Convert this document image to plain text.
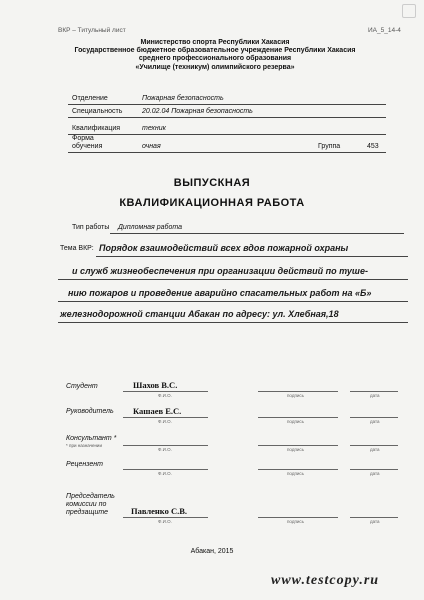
ВКР – Титульный лист	ИА_5_14-4
Министерство спорта Республики Хакасия
Государственное бюджетное образовательное учреждение Республики Хакасия
среднего профессионального образования
«Училище (техникум) олимпийского резерва»
Отделение	Пожарная безопасность
Специальность	20.02.04 Пожарная безопасность
Квалификация	техник
Форма
обучения	очная	Группа	453
ВЫПУСКНАЯ
КВАЛИФИКАЦИОННАЯ РАБОТА
Тип работы Дипломная работа
Тема ВКР: Порядок взаимодействий всех вдов пожарной охраны
и служб жизнеобеспечения при организации действий по туше-
нию пожаров и проведение аварийно спасательных работ на «Б»
железнодорожной станции Абакан по адресу: ул. Хлебная,18
Студент	Шахов В.С.
Ф.И.О.	подпись	дата
Руководитель Кашаев Е.С.
Ф.И.О.	подпись	дата
Консультант *
* при назначении
Ф.И.О.	подпись	дата
Рецензент
Ф.И.О.	подпись	дата
Председатель
комиссии по
предзащите	Павленко С.В.
Ф.И.О.	подпись	дата
Абакан, 2015
www.testcopy.ru
